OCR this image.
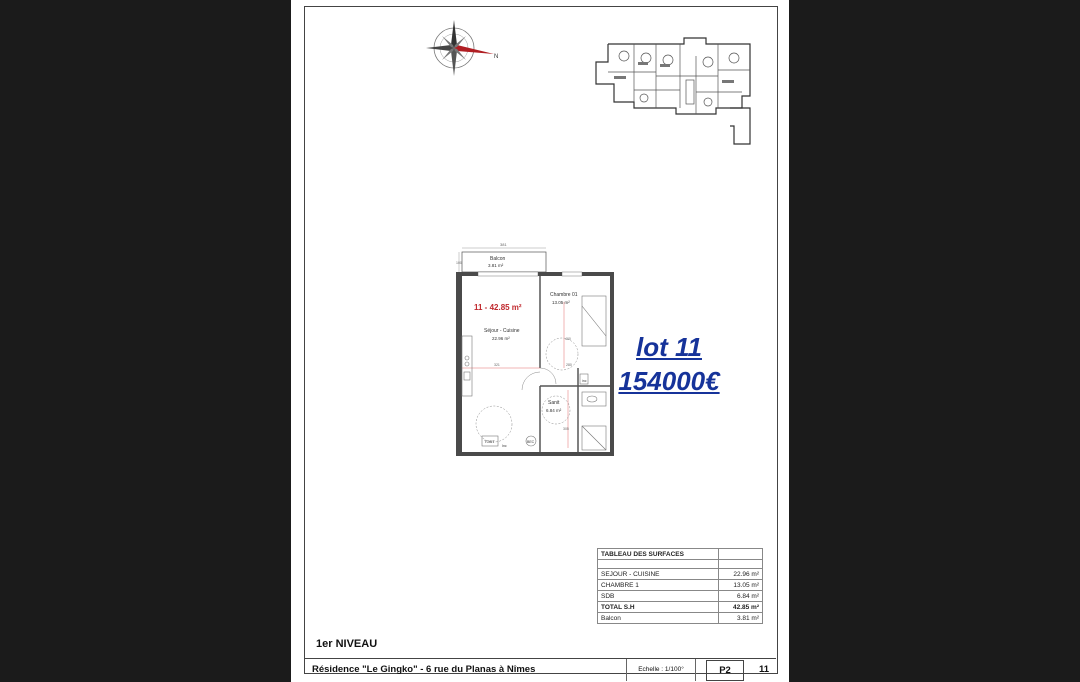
N
381
100
Balcon
3.81 m²
321
400
280
305
TGBT
Inc
BEC
inc
11 - 42.85 m²
Séjour - Cuisine
22.96 m²
Chambre 01
13.05 m²
Sanit
6.84 m²
lot 11
154000€
TABLEAU DES SURFACES	

SEJOUR - CUISINE	22.96 m²
CHAMBRE 1	13.05 m²
SDB	6.84 m²
TOTAL S.H	42.85 m²
Balcon	3.81 m²
1er NIVEAU
Résidence "Le Gingko" - 6 rue du Planas à Nîmes	Echelle : 1/100°	P2	11
